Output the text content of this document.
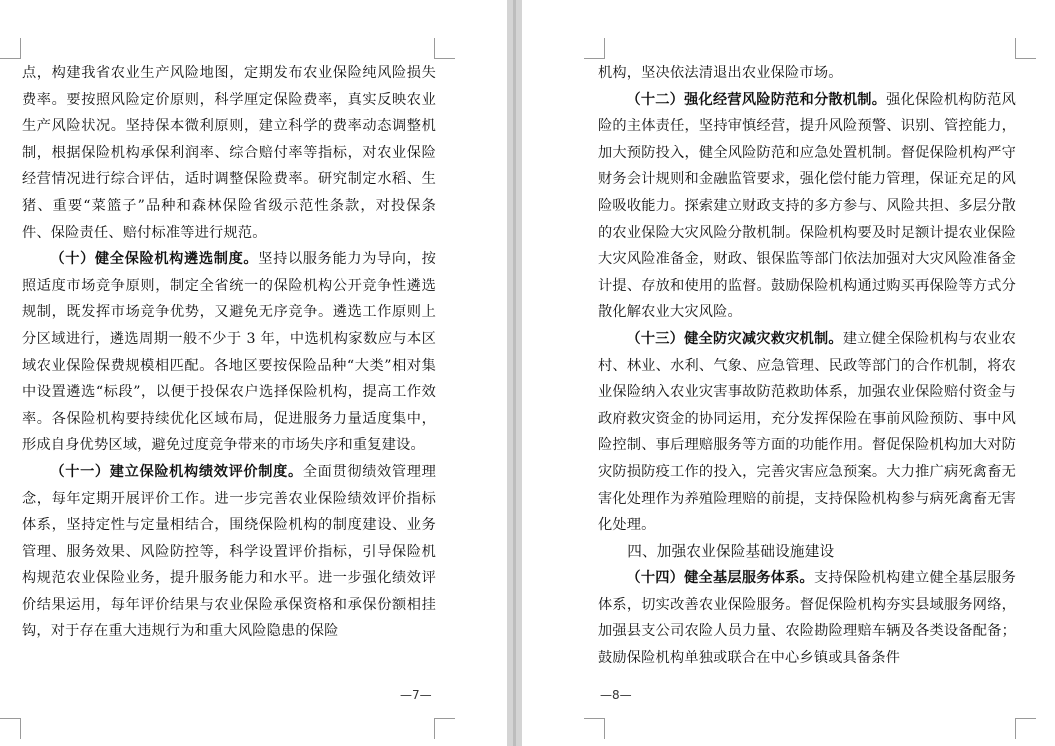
点，构建我省农业生产风险地图，定期发布农业保险纯风险损失费率。要按照风险定价原则，科学厘定保险费率，真实反映农业生产风险状况。坚持保本微利原则，建立科学的费率动态调整机制，根据保险机构承保利润率、综合赔付率等指标，对农业保险经营情况进行综合评估，适时调整保险费率。研究制定水稻、生猪、重要“菜篮子”品种和森林保险省级示范性条款，对投保条件、保险责任、赔付标准等进行规范。

（十）健全保险机构遴选制度。坚持以服务能力为导向，按照适度市场竞争原则，制定全省统一的保险机构公开竞争性遴选规制，既发挥市场竞争优势，又避免无序竞争。遴选工作原则上分区域进行，遴选周期一般不少于 3 年，中选机构家数应与本区域农业保险保费规模相匹配。各地区要按保险品种“大类”相对集中设置遴选“标段”，以便于投保农户选择保险机构，提高工作效率。各保险机构要持续优化区域布局，促进服务力量适度集中，形成自身优势区域，避免过度竞争带来的市场失序和重复建设。

（十一）建立保险机构绩效评价制度。全面贯彻绩效管理理念，每年定期开展评价工作。进一步完善农业保险绩效评价指标体系，坚持定性与定量相结合，围绕保险机构的制度建设、业务管理、服务效果、风险防控等，科学设置评价指标，引导保险机构规范农业保险业务，提升服务能力和水平。进一步强化绩效评价结果运用，每年评价结果与农业保险承保资格和承保份额相挂钩，对于存在重大违规行为和重大风险隐患的保险

—7—

机构，坚决依法清退出农业保险市场。

（十二）强化经营风险防范和分散机制。强化保险机构防范风险的主体责任，坚持审慎经营，提升风险预警、识别、管控能力，加大预防投入，健全风险防范和应急处置机制。督促保险机构严守财务会计规则和金融监管要求，强化偿付能力管理，保证充足的风险吸收能力。探索建立财政支持的多方参与、风险共担、多层分散的农业保险大灾风险分散机制。保险机构要及时足额计提农业保险大灾风险准备金，财政、银保监等部门依法加强对大灾风险准备金计提、存放和使用的监督。鼓励保险机构通过购买再保险等方式分散化解农业大灾风险。

（十三）健全防灾减灾救灾机制。建立健全保险机构与农业农村、林业、水利、气象、应急管理、民政等部门的合作机制，将农业保险纳入农业灾害事故防范救助体系，加强农业保险赔付资金与政府救灾资金的协同运用，充分发挥保险在事前风险预防、事中风险控制、事后理赔服务等方面的功能作用。督促保险机构加大对防灾防损防疫工作的投入，完善灾害应急预案。大力推广病死禽畜无害化处理作为养殖险理赔的前提，支持保险机构参与病死禽畜无害化处理。

四、加强农业保险基础设施建设

（十四）健全基层服务体系。支持保险机构建立健全基层服务体系，切实改善农业保险服务。督促保险机构夯实县域服务网络，加强县支公司农险人员力量、农险勘险理赔车辆及各类设备配备；鼓励保险机构单独或联合在中心乡镇或具备条件

—8—
